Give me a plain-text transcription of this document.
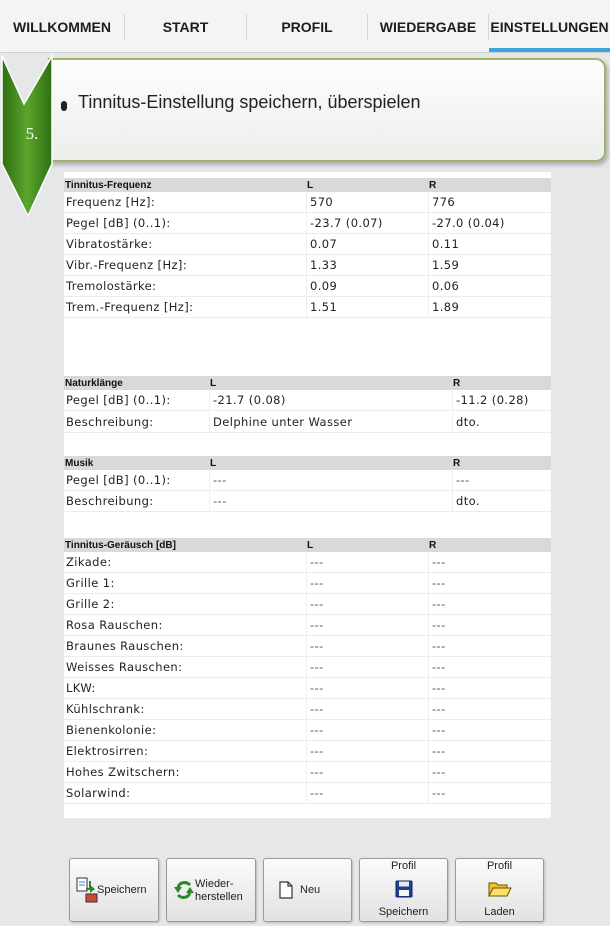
WILLKOMMEN	START	PROFIL	WIEDERGABE	EINSTELLUNGEN
5.
Tinnitus-Einstellung speichern, überspielen
Tinnitus-Frequenz	L	R
Frequenz [Hz]:	570	776
Pegel [dB] (0..1):	-23.7 (0.07)	-27.0 (0.04)
Vibratostärke:	0.07	0.11
Vibr.-Frequenz [Hz]:	1.33	1.59
Tremolostärke:	0.09	0.06
Trem.-Frequenz [Hz]:	1.51	1.89
Naturklänge	L	R
Pegel [dB] (0..1):	-21.7 (0.08)	-11.2 (0.28)
Beschreibung:	Delphine unter Wasser	dto.
Musik	L	R
Pegel [dB] (0..1):	---	---
Beschreibung:	---	dto.
Tinnitus-Geräusch [dB]	L	R
Zikade:	---	---
Grille 1:	---	---
Grille 2:	---	---
Rosa Rauschen:	---	---
Braunes Rauschen:	---	---
Weisses Rauschen:	---	---
LKW:	---	---
Kühlschrank:	---	---
Bienenkolonie:	---	---
Elektrosirren:	---	---
Hohes Zwitschern:	---	---
Solarwind:	---	---
Speichern	Wieder-
herstellen
Neu
Profil
Speichern
Profil
Laden
